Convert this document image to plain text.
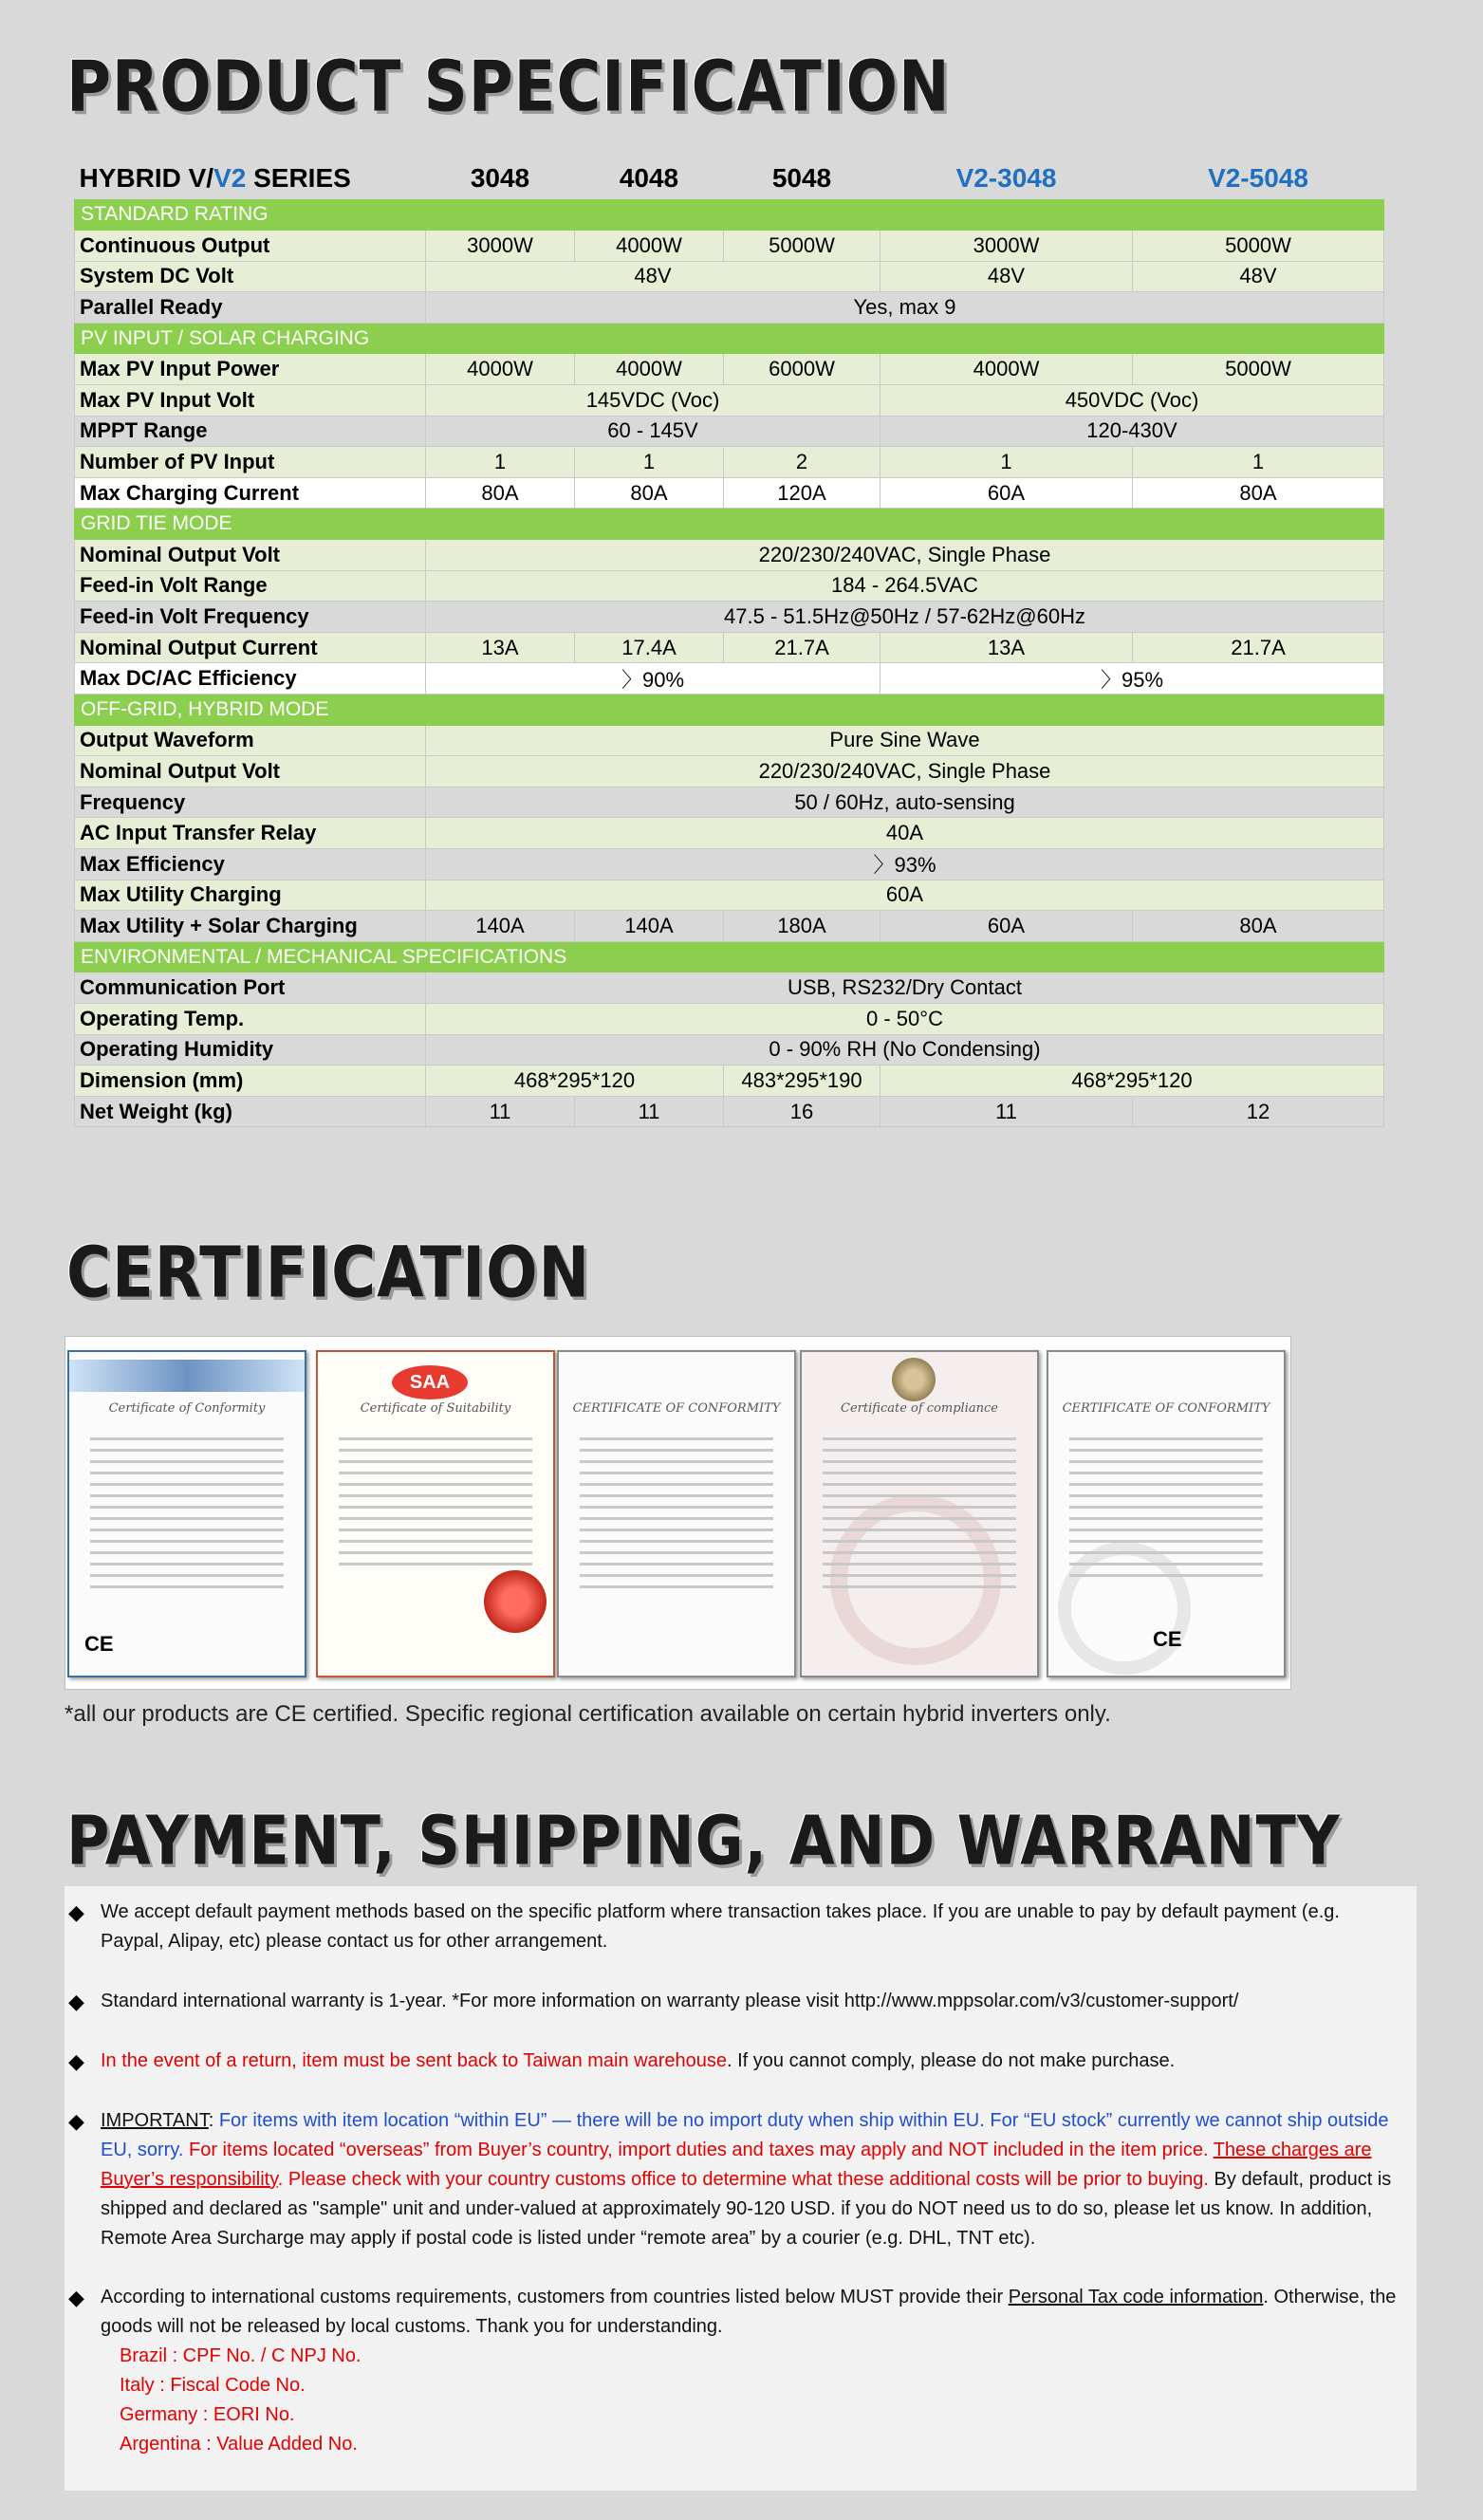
PRODUCT SPECIFICATION
HYBRID V/V2 SERIES	3048	4048	5048	V2-3048	V2-5048
STANDARD RATING					
Continuous Output	3000W	4000W	5000W	3000W	5000W
System DC Volt	48V			48V	48V
Parallel Ready	Yes, max 9				
PV INPUT / SOLAR CHARGING					
Max PV Input Power	4000W	4000W	6000W	4000W	5000W
Max PV Input Volt	145VDC (Voc)			450VDC (Voc)	
MPPT Range	60 - 145V			120-430V	
Number of PV Input	1	1	2	1	1
Max Charging Current	80A	80A	120A	60A	80A
GRID TIE MODE					
Nominal Output Volt	220/230/240VAC, Single Phase				
Feed-in Volt Range	184 - 264.5VAC				
Feed-in Volt Frequency	47.5 - 51.5Hz@50Hz / 57-62Hz@60Hz				
Nominal Output Current	13A	17.4A	21.7A	13A	21.7A
Max DC/AC Efficiency	〉90%			〉95%	
OFF-GRID, HYBRID MODE					
Output Waveform	Pure Sine Wave				
Nominal Output Volt	220/230/240VAC, Single Phase				
Frequency	50 / 60Hz, auto-sensing				
AC Input Transfer Relay	40A				
Max Efficiency	〉93%				
Max Utility Charging	60A				
Max Utility + Solar Charging	140A	140A	180A	60A	80A
ENVIRONMENTAL / MECHANICAL SPECIFICATIONS					
Communication Port	USB, RS232/Dry Contact				
Operating Temp.	0 - 50°C				
Operating Humidity	0 - 90% RH (No Condensing)				
Dimension (mm)	468*295*120		483*295*190	468*295*120	
Net Weight (kg)	11	11	16	11	12
CERTIFICATION
Certificate of Conformity
CE
SAA
Certificate of Suitability	CERTIFICATE OF CONFORMITY	Certificate of compliance	CERTIFICATE OF CONFORMITY
CE
*all our products are CE certified. Specific regional certification available on certain hybrid inverters only.
PAYMENT, SHIPPING, AND WARRANTY

◆ We accept default payment methods based on the specific platform where transaction takes place. If you are unable to pay by default payment (e.g. Paypal, Alipay, etc) please contact us for other arrangement.

◆ Standard international warranty is 1-year. *For more information on warranty please visit http://www.mppsolar.com/v3/customer-support/

◆ In the event of a return, item must be sent back to Taiwan main warehouse. If you cannot comply, please do not make purchase.

◆ IMPORTANT: For items with item location “within EU” — there will be no import duty when ship within EU. For “EU stock” currently we cannot ship outside EU, sorry. For items located “overseas” from Buyer’s country, import duties and taxes may apply and NOT included in the item price. These charges are Buyer’s responsibility. Please check with your country customs office to determine what these additional costs will be prior to buying. By default, product is shipped and declared as "sample" unit and under-valued at approximately 90-120 USD. if you do NOT need us to do so, please let us know. In addition, Remote Area Surcharge may apply if postal code is listed under “remote area” by a courier (e.g. DHL, TNT etc).

◆ According to international customs requirements, customers from countries listed below MUST provide their Personal Tax code information. Otherwise, the goods will not be released by local customs. Thank you for understanding.

Brazil : CPF No. / C NPJ No.
Italy : Fiscal Code No.
Germany : EORI No.
Argentina : Value Added No.
